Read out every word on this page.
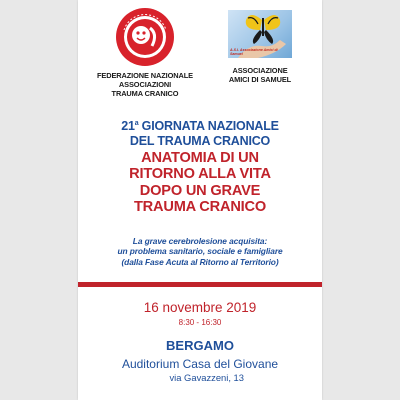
FEDERAZIONE NAZIONALE
ASSOCIAZIONI
TRAUMA CRANICO
A.S.I. Associazione Amici di Samuel
ASSOCIAZIONE
AMICI DI SAMUEL
21$^a$ GIORNATA NAZIONALE
DEL TRAUMA CRANICO
ANATOMIA DI UN
RITORNO ALLA VITA
DOPO UN GRAVE
TRAUMA CRANICO
La grave cerebrolesione acquisita:
un problema sanitario, sociale e famigliare
(dalla Fase Acuta al Ritorno al Territorio)
16 novembre 2019
8:30 - 16:30
BERGAMO
Auditorium Casa del Giovane
via Gavazzeni, 13
